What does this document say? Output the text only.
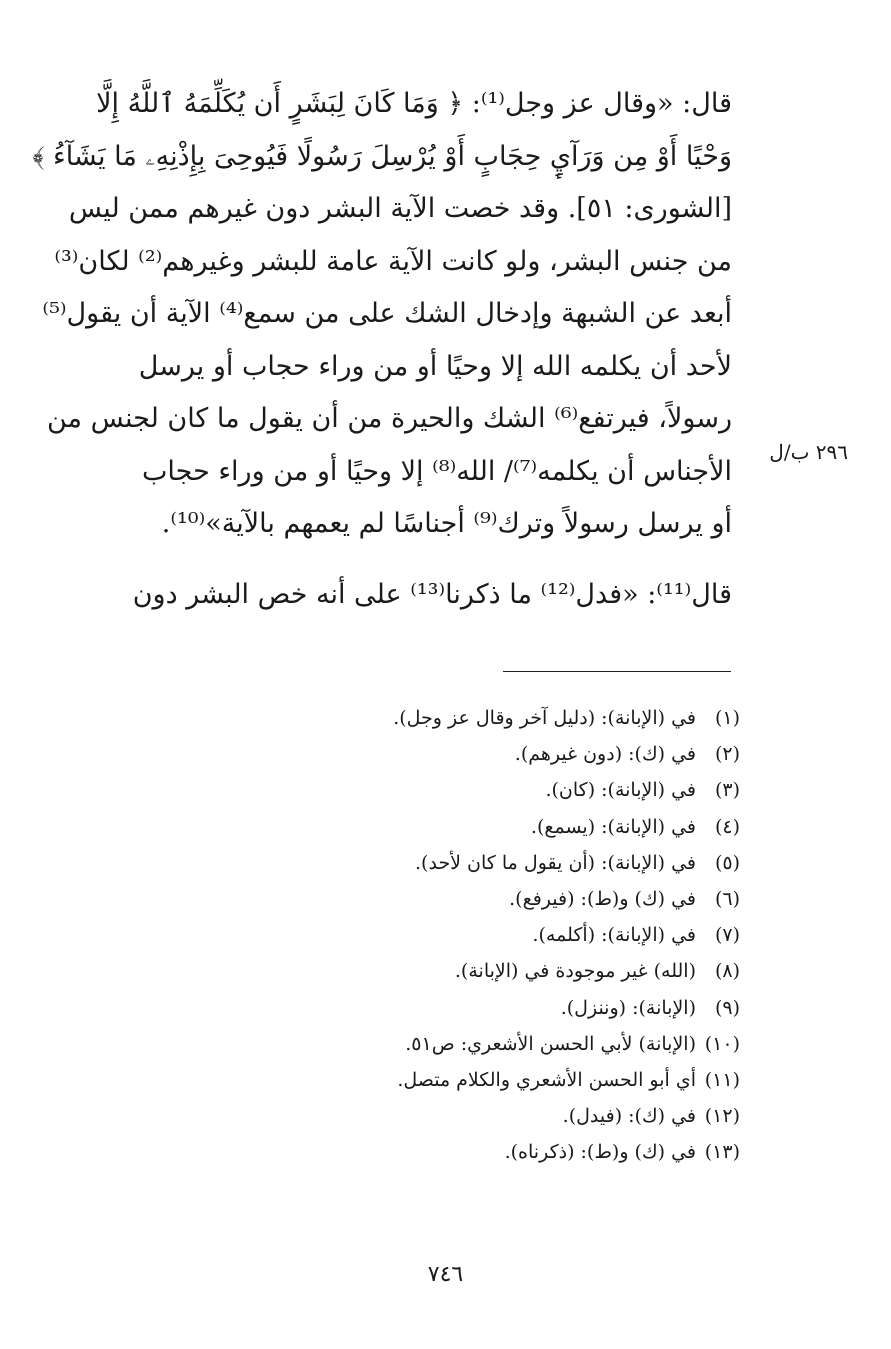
قال: «وقال عز وجل⁽¹⁾: ﴿ وَمَا كَانَ لِبَشَرٍ أَن يُكَلِّمَهُ ٱللَّهُ إِلَّا
وَحْيًا أَوْ مِن وَرَآيِٕ حِجَابٍ أَوْ يُرْسِلَ رَسُولًا فَيُوحِىَ بِإِذْنِهِۦ مَا يَشَآءُ ﴾
[الشورى: ٥١]. وقد خصت الآية البشر دون غيرهم ممن ليس
من جنس البشر، ولو كانت الآية عامة للبشر وغيرهم⁽²⁾ لكان⁽³⁾
أبعد عن الشبهة وإدخال الشك على من سمع⁽⁴⁾ الآية أن يقول⁽⁵⁾
لأحد أن يكلمه الله إلا وحيًا أو من وراء حجاب أو يرسل
رسولاً، فيرتفع⁽⁶⁾ الشك والحيرة من أن يقول ما كان لجنس من
الأجناس أن يكلمه⁽⁷⁾/ الله⁽⁸⁾ إلا وحيًا أو من وراء حجاب
أو يرسل رسولاً وترك⁽⁹⁾ أجناسًا لم يعمهم بالآية»⁽¹⁰⁾.
قال⁽¹¹⁾: «فدل⁽¹²⁾ ما ذكرنا⁽¹³⁾ على أنه خص البشر دون
٢٩٦ ب/ل
(١)في (الإبانة): (دليل آخر وقال عز وجل).
(٢)في (ك): (دون غيرهم).
(٣)في (الإبانة): (كان).
(٤)في (الإبانة): (يسمع).
(٥)في (الإبانة): (أن يقول ما كان لأحد).
(٦)في (ك) و(ط): (فيرفع).
(٧)في (الإبانة): (أكلمه).
(٨)(الله) غير موجودة في (الإبانة).
(٩)(الإبانة): (وننزل).
(١٠)(الإبانة) لأبي الحسن الأشعري: ص٥١.
(١١)أي أبو الحسن الأشعري والكلام متصل.
(١٢)في (ك): (فيدل).
(١٣)في (ك) و(ط): (ذكرناه).
٧٤٦
